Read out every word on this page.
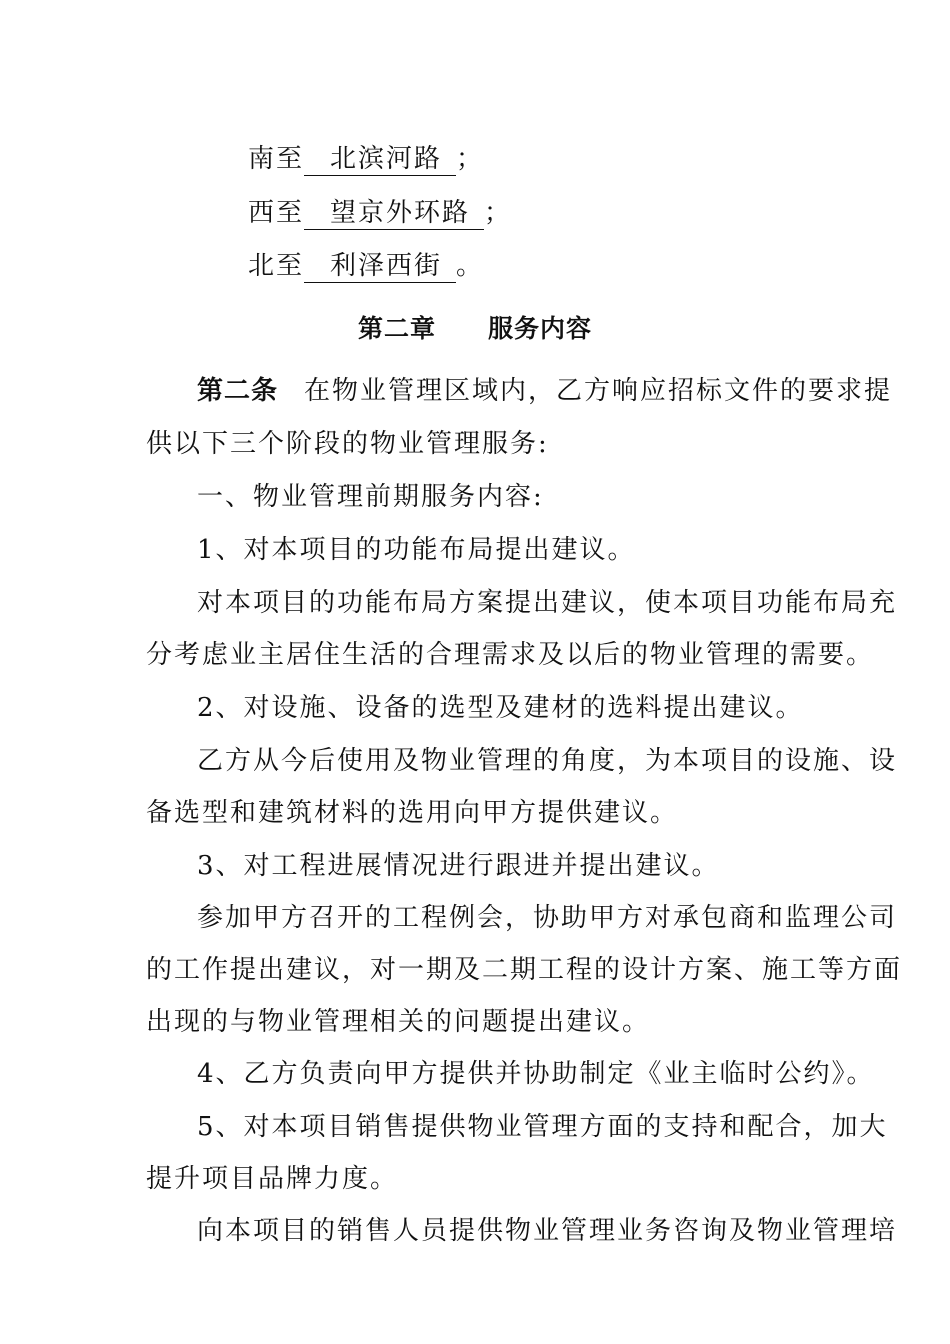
南至 北滨河路 ；
西至 望京外环路 ；
北至 利泽西街 。
第二章 服务内容
第二条 在物业管理区域内，乙方响应招标文件的要求提
供以下三个阶段的物业管理服务:
一、物业管理前期服务内容:
1、对本项目的功能布局提出建议。
对本项目的功能布局方案提出建议，使本项目功能布局充
分考虑业主居住生活的合理需求及以后的物业管理的需要。
2、对设施、设备的选型及建材的选料提出建议。
乙方从今后使用及物业管理的角度，为本项目的设施、设
备选型和建筑材料的选用向甲方提供建议。
3、对工程进展情况进行跟进并提出建议。
参加甲方召开的工程例会，协助甲方对承包商和监理公司
的工作提出建议，对一期及二期工程的设计方案、施工等方面
出现的与物业管理相关的问题提出建议。
4、乙方负责向甲方提供并协助制定《业主临时公约》。
5、对本项目销售提供物业管理方面的支持和配合，加大
提升项目品牌力度。
向本项目的销售人员提供物业管理业务咨询及物业管理培
